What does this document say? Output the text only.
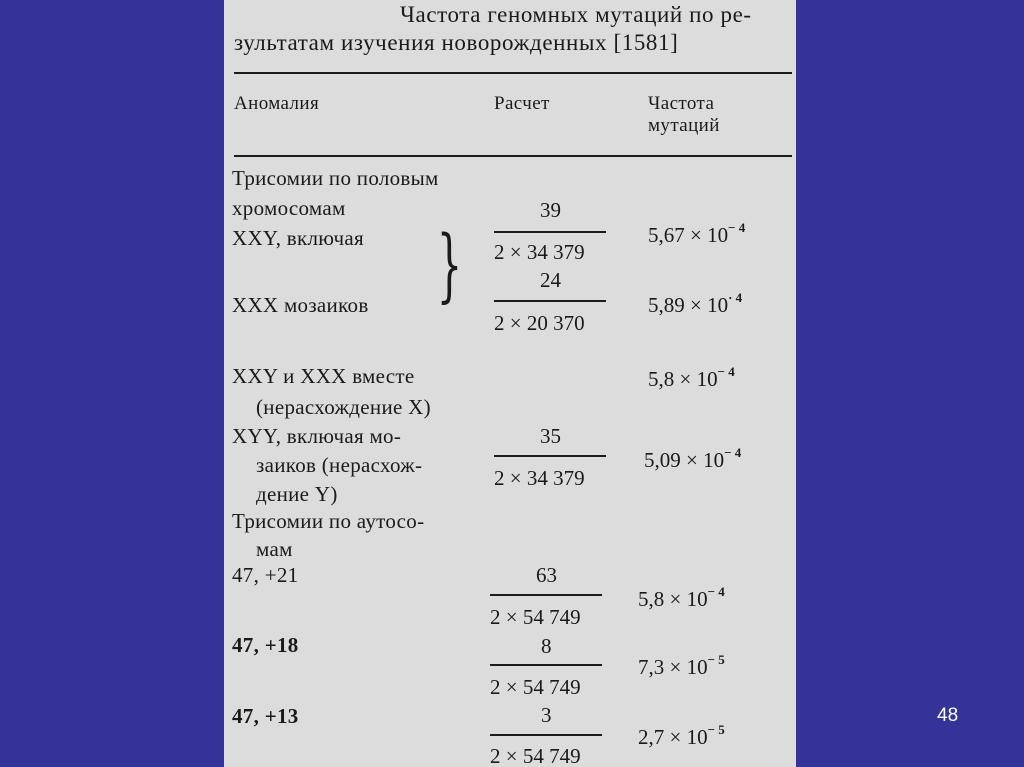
Частота геномных мутаций по ре-
зультатам изучения новорожденных [1581]
Аномалия	Расчет	Частота
мутаций
Трисомии по половым
хромосомам
XXY, включая
XXX мозаиков
XXY и XXX вместе
(нерасхождение X)
XYY, включая мо-
заиков (нерасхож-
дение Y)
Трисомии по аутосо-
мам
47, +21
47, +18
47, +13
}
39
2 × 34 379
24
2 × 20 370
35
2 × 34 379
63
2 × 54 749
8
2 × 54 749
3
2 × 54 749
$5,67 \times 10^{- 4}$
$5,89 \times 10^{\cdot 4}$
$5,8 \times 10^{- 4}$
$5,09 \times 10^{- 4}$
$5,8 \times 10^{- 4}$
$7,3 \times 10^{- 5}$
$2,7 \times 10^{- 5}$
48
